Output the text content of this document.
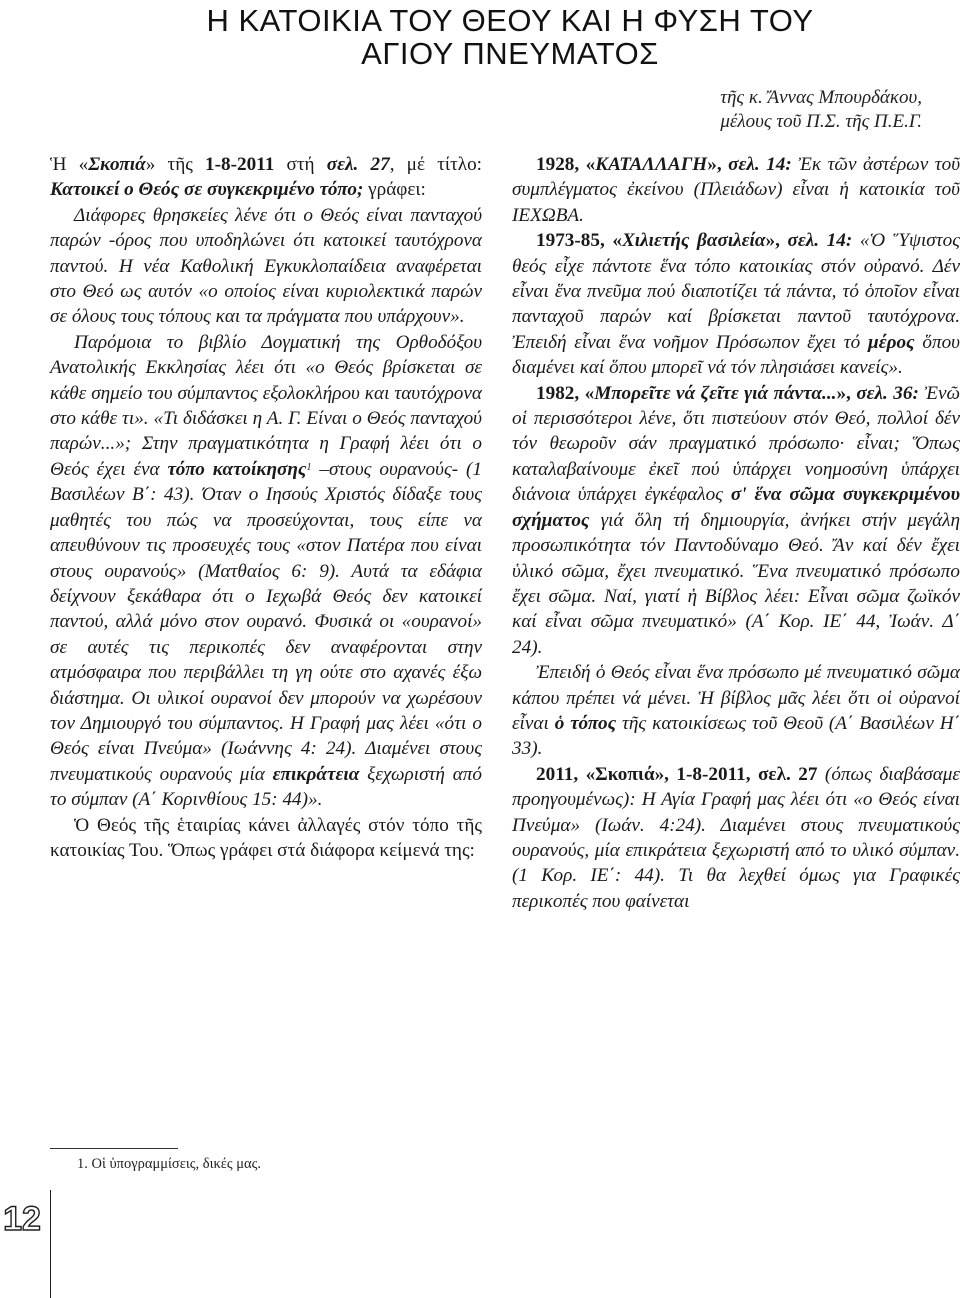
Η ΚΑΤΟΙΚΙΑ ΤΟΥ ΘΕΟΥ ΚΑΙ Η ΦΥΣΗ ΤΟΥ
ΑΓΙΟΥ ΠΝΕΥΜΑΤΟΣ
τῆς κ. Ἄννας Μπουρδάκου,
μέλους τοῦ Π.Σ. τῆς Π.Ε.Γ.

Ἡ «Σκοπιά» τῆς 1-8-2011 στή σελ. 27, μέ τίτλο: Κατοικεί ο Θεός σε συγκεκριμένο τόπο; γράφει:

Διάφορες θρησκείες λένε ότι ο Θεός είναι πανταχού παρών -όρος που υποδηλώνει ότι κατοικεί ταυτόχρονα παντού. Η νέα Καθολική Εγκυκλοπαίδεια αναφέρεται στο Θεό ως αυτόν «ο οποίος είναι κυριολεκτικά παρών σε όλους τους τόπους και τα πράγματα που υπάρχουν».

Παρόμοια το βιβλίο Δογματική της Ορθοδόξου Ανατολικής Εκκλησίας λέει ότι «ο Θεός βρίσκεται σε κάθε σημείο του σύμπαντος εξολοκλήρου και ταυτόχρονα στο κάθε τι». «Τι διδάσκει η Α. Γ. Είναι ο Θεός πανταχού παρών...»; Στην πραγματικότητα η Γραφή λέει ότι ο Θεός έχει ένα τόπο κατοίκησης$^1$ –στους ουρανούς- (1 Βασιλέων Β΄: 43). Όταν ο Ιησούς Χριστός δίδαξε τους μαθητές του πώς να προσεύχονται, τους είπε να απευθύνουν τις προσευχές τους «στον Πατέρα που είναι στους ουρανούς» (Ματθαίος 6: 9). Αυτά τα εδάφια δείχνουν ξεκάθαρα ότι ο Ιεχωβά Θεός δεν κατοικεί παντού, αλλά μόνο στον ουρανό. Φυσικά οι «ουρανοί» σε αυτές τις περικοπές δεν αναφέρονται στην ατμόσφαιρα που περιβάλλει τη γη ούτε στο αχανές έξω διάστημα. Οι υλικοί ουρανοί δεν μπορούν να χωρέσουν τον Δημιουργό του σύμπαντος. Η Γραφή μας λέει «ότι ο Θεός είναι Πνεύμα» (Ιωάννης 4: 24). Διαμένει στους πνευματικούς ουρανούς μία επικράτεια ξεχωριστή από το σύμπαν (Α΄ Κορινθίους 15: 44)».

Ὁ Θεός τῆς ἑταιρίας κάνει ἀλλαγές στόν τόπο τῆς κατοικίας Του. Ὅπως γράφει στά διάφορα κείμενά της:

1928, «ΚΑΤΑΛΛΑΓΗ», σελ. 14: Ἐκ τῶν ἀστέρων τοῦ συμπλέγματος ἐκείνου (Πλειάδων) εἶναι ἡ κατοικία τοῦ ΙΕΧΩΒΑ.

1973-85, «Χιλιετής βασιλεία», σελ. 14: «Ὁ Ὕψιστος θεός εἶχε πάντοτε ἕνα τόπο κατοικίας στόν οὐρανό. Δέν εἶναι ἕνα πνεῦμα πού διαποτίζει τά πάντα, τό ὁποῖον εἶναι πανταχοῦ παρών καί βρίσκεται παντοῦ ταυτόχρονα. Ἐπειδή εἶναι ἕνα νοῆμον Πρόσωπον ἔχει τό μέρος ὅπου διαμένει καί ὅπου μπορεῖ νά τόν πλησιάσει κανείς».

1982, «Μπορεῖτε νά ζεῖτε γιά πάντα...», σελ. 36: Ἐνῶ οἱ περισσότεροι λένε, ὅτι πιστεύουν στόν Θεό, πολλοί δέν τόν θεωροῦν σάν πραγματικό πρόσωπο· εἶναι; Ὅπως καταλαβαίνουμε ἐκεῖ πού ὑπάρχει νοημοσύνη ὑπάρχει διάνοια ὑπάρχει ἐγκέφαλος σ' ἕνα σῶμα συγκεκριμένου σχήματος γιά ὅλη τή δημιουργία, ἀνήκει στήν μεγάλη προσωπικότητα τόν Παντοδύναμο Θεό. Ἄν καί δέν ἔχει ὑλικό σῶμα, ἔχει πνευματικό. Ἕνα πνευματικό πρόσωπο ἔχει σῶμα. Ναί, γιατί ἡ Βίβλος λέει: Εἶναι σῶμα ζωϊκόν καί εἶναι σῶμα πνευματικό» (Α΄ Κορ. ΙΕ΄ 44, Ἰωάν. Δ΄ 24).

Ἐπειδή ὁ Θεός εἶναι ἕνα πρόσωπο μέ πνευματικό σῶμα κάπου πρέπει νά μένει. Ἡ βίβλος μᾶς λέει ὅτι οἱ οὐρανοί εἶναι ὁ τόπος τῆς κατοικίσεως τοῦ Θεοῦ (Α΄ Βασιλέων Η΄ 33).

2011, «Σκοπιά», 1-8-2011, σελ. 27 (όπως διαβάσαμε προηγουμένως): Η Αγία Γραφή μας λέει ότι «ο Θεός είναι Πνεύμα» (Ιωάν. 4:24). Διαμένει στους πνευματικούς ουρανούς, μία επικράτεια ξεχωριστή από το υλικό σύμπαν. (1 Κορ. ΙΕ΄: 44). Τι θα λεχθεί όμως για Γραφικές περικοπές που φαίνεται

1. Οἱ ὑπογραμμίσεις, δικές μας.
12
